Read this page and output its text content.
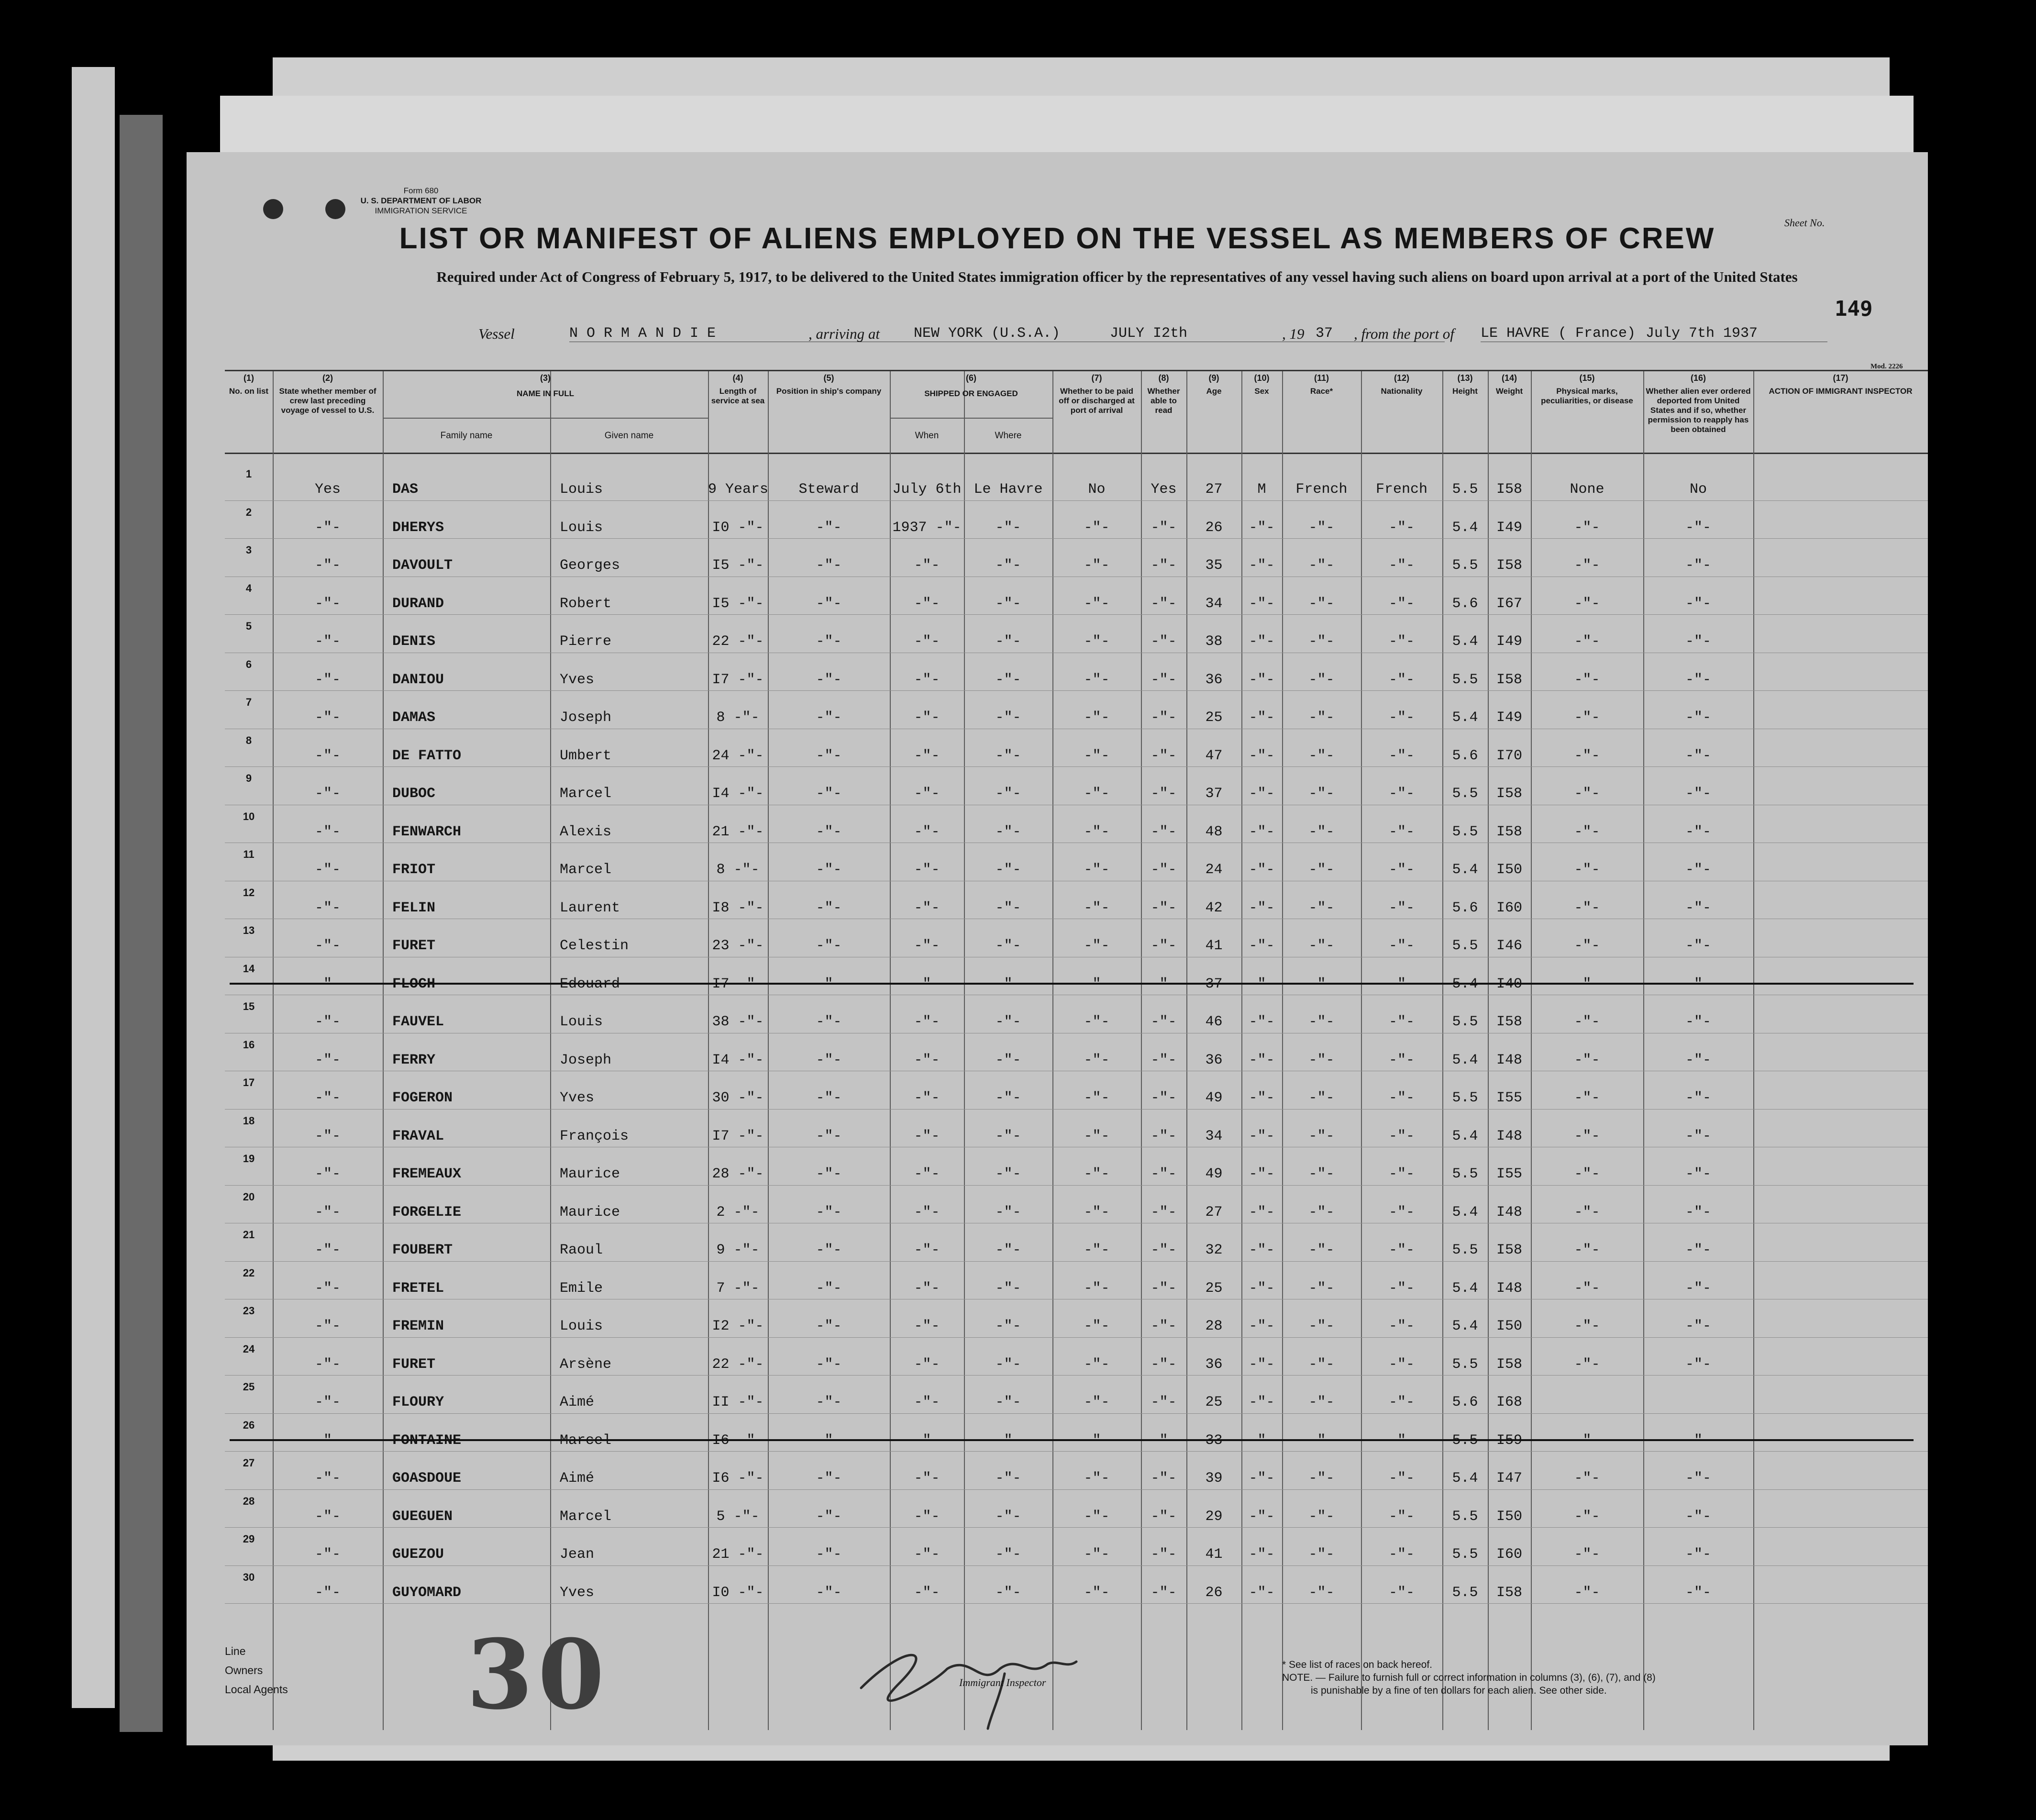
Form 680
U. S. DEPARTMENT OF LABOR
IMMIGRATION SERVICE
Sheet No.
LIST OR MANIFEST OF ALIENS EMPLOYED ON THE VESSEL AS MEMBERS OF CREW
Required under Act of Congress of February 5, 1917, to be delivered to the United States immigration officer by the representatives of any vessel having such aliens on board upon arrival at a port of the United States
149
Vessel	N O R M A N D I E	, arriving at NEW YORK (U.S.A.)	JULY I2th	, 19 37	, from the port of LE HAVRE ( France) July 7th 1937
Mod. 2226
(1)
No. on list
(2)
State whether member of crew last preceding voyage of vessel to U.S.
(3)
NAME IN FULL
Family name	Given name
(4)
Length of service at sea
(5)
Position in ship's company
(6)
SHIPPED OR ENGAGED
When	Where
(7)
Whether to be paid off or discharged at port of arrival
(8)
Whether able to read
(9)
Age
(10)
Sex
(11)
Race*
(12)
Nationality
(13)
Height
(14)
Weight
(15)
Physical marks, peculiarities, or disease
(16)
Whether alien ever ordered deported from United States and if so, whether permission to reapply has been obtained
(17)
ACTION OF IMMIGRANT INSPECTOR
1
Yes	DAS	Louis	9 Years	Steward	July 6th Le Havre	No	Yes	27	M	French	French	5.5	I58	None	No
2
-"-	DHERYS	Louis	I0 -"-	-"-	1937 -"-	-"-	-"-	-"-	26	-"-	-"-	-"-	5.4	I49	-"-	-"-
3
-"-	DAVOULT	Georges	I5 -"-	-"-	-"-	-"-	-"-	-"-	35	-"-	-"-	-"-	5.5	I58	-"-	-"-
4
-"-	DURAND	Robert	I5 -"-	-"-	-"-	-"-	-"-	-"-	34	-"-	-"-	-"-	5.6	I67	-"-	-"-
5
-"-	DENIS	Pierre	22 -"-	-"-	-"-	-"-	-"-	-"-	38	-"-	-"-	-"-	5.4	I49	-"-	-"-
6
-"-	DANIOU	Yves	I7 -"-	-"-	-"-	-"-	-"-	-"-	36	-"-	-"-	-"-	5.5	I58	-"-	-"-
7
-"-	DAMAS	Joseph	8 -"-	-"-	-"-	-"-	-"-	-"-	25	-"-	-"-	-"-	5.4	I49	-"-	-"-
8
-"-	DE FATTO	Umbert	24 -"-	-"-	-"-	-"-	-"-	-"-	47	-"-	-"-	-"-	5.6	I70	-"-	-"-
9
-"-	DUBOC	Marcel	I4 -"-	-"-	-"-	-"-	-"-	-"-	37	-"-	-"-	-"-	5.5	I58	-"-	-"-
10
-"-	FENWARCH	Alexis	21 -"-	-"-	-"-	-"-	-"-	-"-	48	-"-	-"-	-"-	5.5	I58	-"-	-"-
11
-"-	FRIOT	Marcel	8 -"-	-"-	-"-	-"-	-"-	-"-	24	-"-	-"-	-"-	5.4	I50	-"-	-"-
12
-"-	FELIN	Laurent	I8 -"-	-"-	-"-	-"-	-"-	-"-	42	-"-	-"-	-"-	5.6	I60	-"-	-"-
13
-"-	FURET	Celestin	23 -"-	-"-	-"-	-"-	-"-	-"-	41	-"-	-"-	-"-	5.5	I46	-"-	-"-
14
-"-	FLOCH	Edouard	I7 -"-	-"-	-"-	-"-	-"-	-"-	37	-"-	-"-	-"-	5.4	I40	-"-	-"-
15
-"-	FAUVEL	Louis	38 -"-	-"-	-"-	-"-	-"-	-"-	46	-"-	-"-	-"-	5.5	I58	-"-	-"-
16
-"-	FERRY	Joseph	I4 -"-	-"-	-"-	-"-	-"-	-"-	36	-"-	-"-	-"-	5.4	I48	-"-	-"-
17
-"-	FOGERON	Yves	30 -"-	-"-	-"-	-"-	-"-	-"-	49	-"-	-"-	-"-	5.5	I55	-"-	-"-
18
-"-	FRAVAL	François	I7 -"-	-"-	-"-	-"-	-"-	-"-	34	-"-	-"-	-"-	5.4	I48	-"-	-"-
19
-"-	FREMEAUX	Maurice	28 -"-	-"-	-"-	-"-	-"-	-"-	49	-"-	-"-	-"-	5.5	I55	-"-	-"-
20
-"-	FORGELIE	Maurice	2 -"-	-"-	-"-	-"-	-"-	-"-	27	-"-	-"-	-"-	5.4	I48	-"-	-"-
21
-"-	FOUBERT	Raoul	9 -"-	-"-	-"-	-"-	-"-	-"-	32	-"-	-"-	-"-	5.5	I58	-"-	-"-
22
-"-	FRETEL	Emile	7 -"-	-"-	-"-	-"-	-"-	-"-	25	-"-	-"-	-"-	5.4	I48	-"-	-"-
23
-"-	FREMIN	Louis	I2 -"-	-"-	-"-	-"-	-"-	-"-	28	-"-	-"-	-"-	5.4	I50	-"-	-"-
24
-"-	FURET	Arsène	22 -"-	-"-	-"-	-"-	-"-	-"-	36	-"-	-"-	-"-	5.5	I58	-"-	-"-
25
-"-	FLOURY	Aimé	II -"-	-"-	-"-	-"-	-"-	-"-	25	-"-	-"-	-"-	5.6	I68
26
-"-	FONTAINE	Marcel	I6 -"-	-"-	-"-	-"-	-"-	-"-	33	-"-	-"-	-"-	5.5	I59	-"-	-"-
27
-"-	GOASDOUE	Aimé	I6 -"-	-"-	-"-	-"-	-"-	-"-	39	-"-	-"-	-"-	5.4	I47	-"-	-"-
28
-"-	GUEGUEN	Marcel	5 -"-	-"-	-"-	-"-	-"-	-"-	29	-"-	-"-	-"-	5.5	I50	-"-	-"-
29
-"-	GUEZOU	Jean	21 -"-	-"-	-"-	-"-	-"-	-"-	41	-"-	-"-	-"-	5.5	I60	-"-	-"-
30
-"-	GUYOMARD	Yves	I0 -"-	-"-	-"-	-"-	-"-	-"-	26	-"-	-"-	-"-	5.5	I58	-"-	-"-
Line
Owners
Local Agents 30	Immigrant Inspector
* See list of races on back hereof.
NOTE. — Failure to furnish full or correct information in columns (3), (6), (7), and (8)
is punishable by a fine of ten dollars for each alien. See other side.
